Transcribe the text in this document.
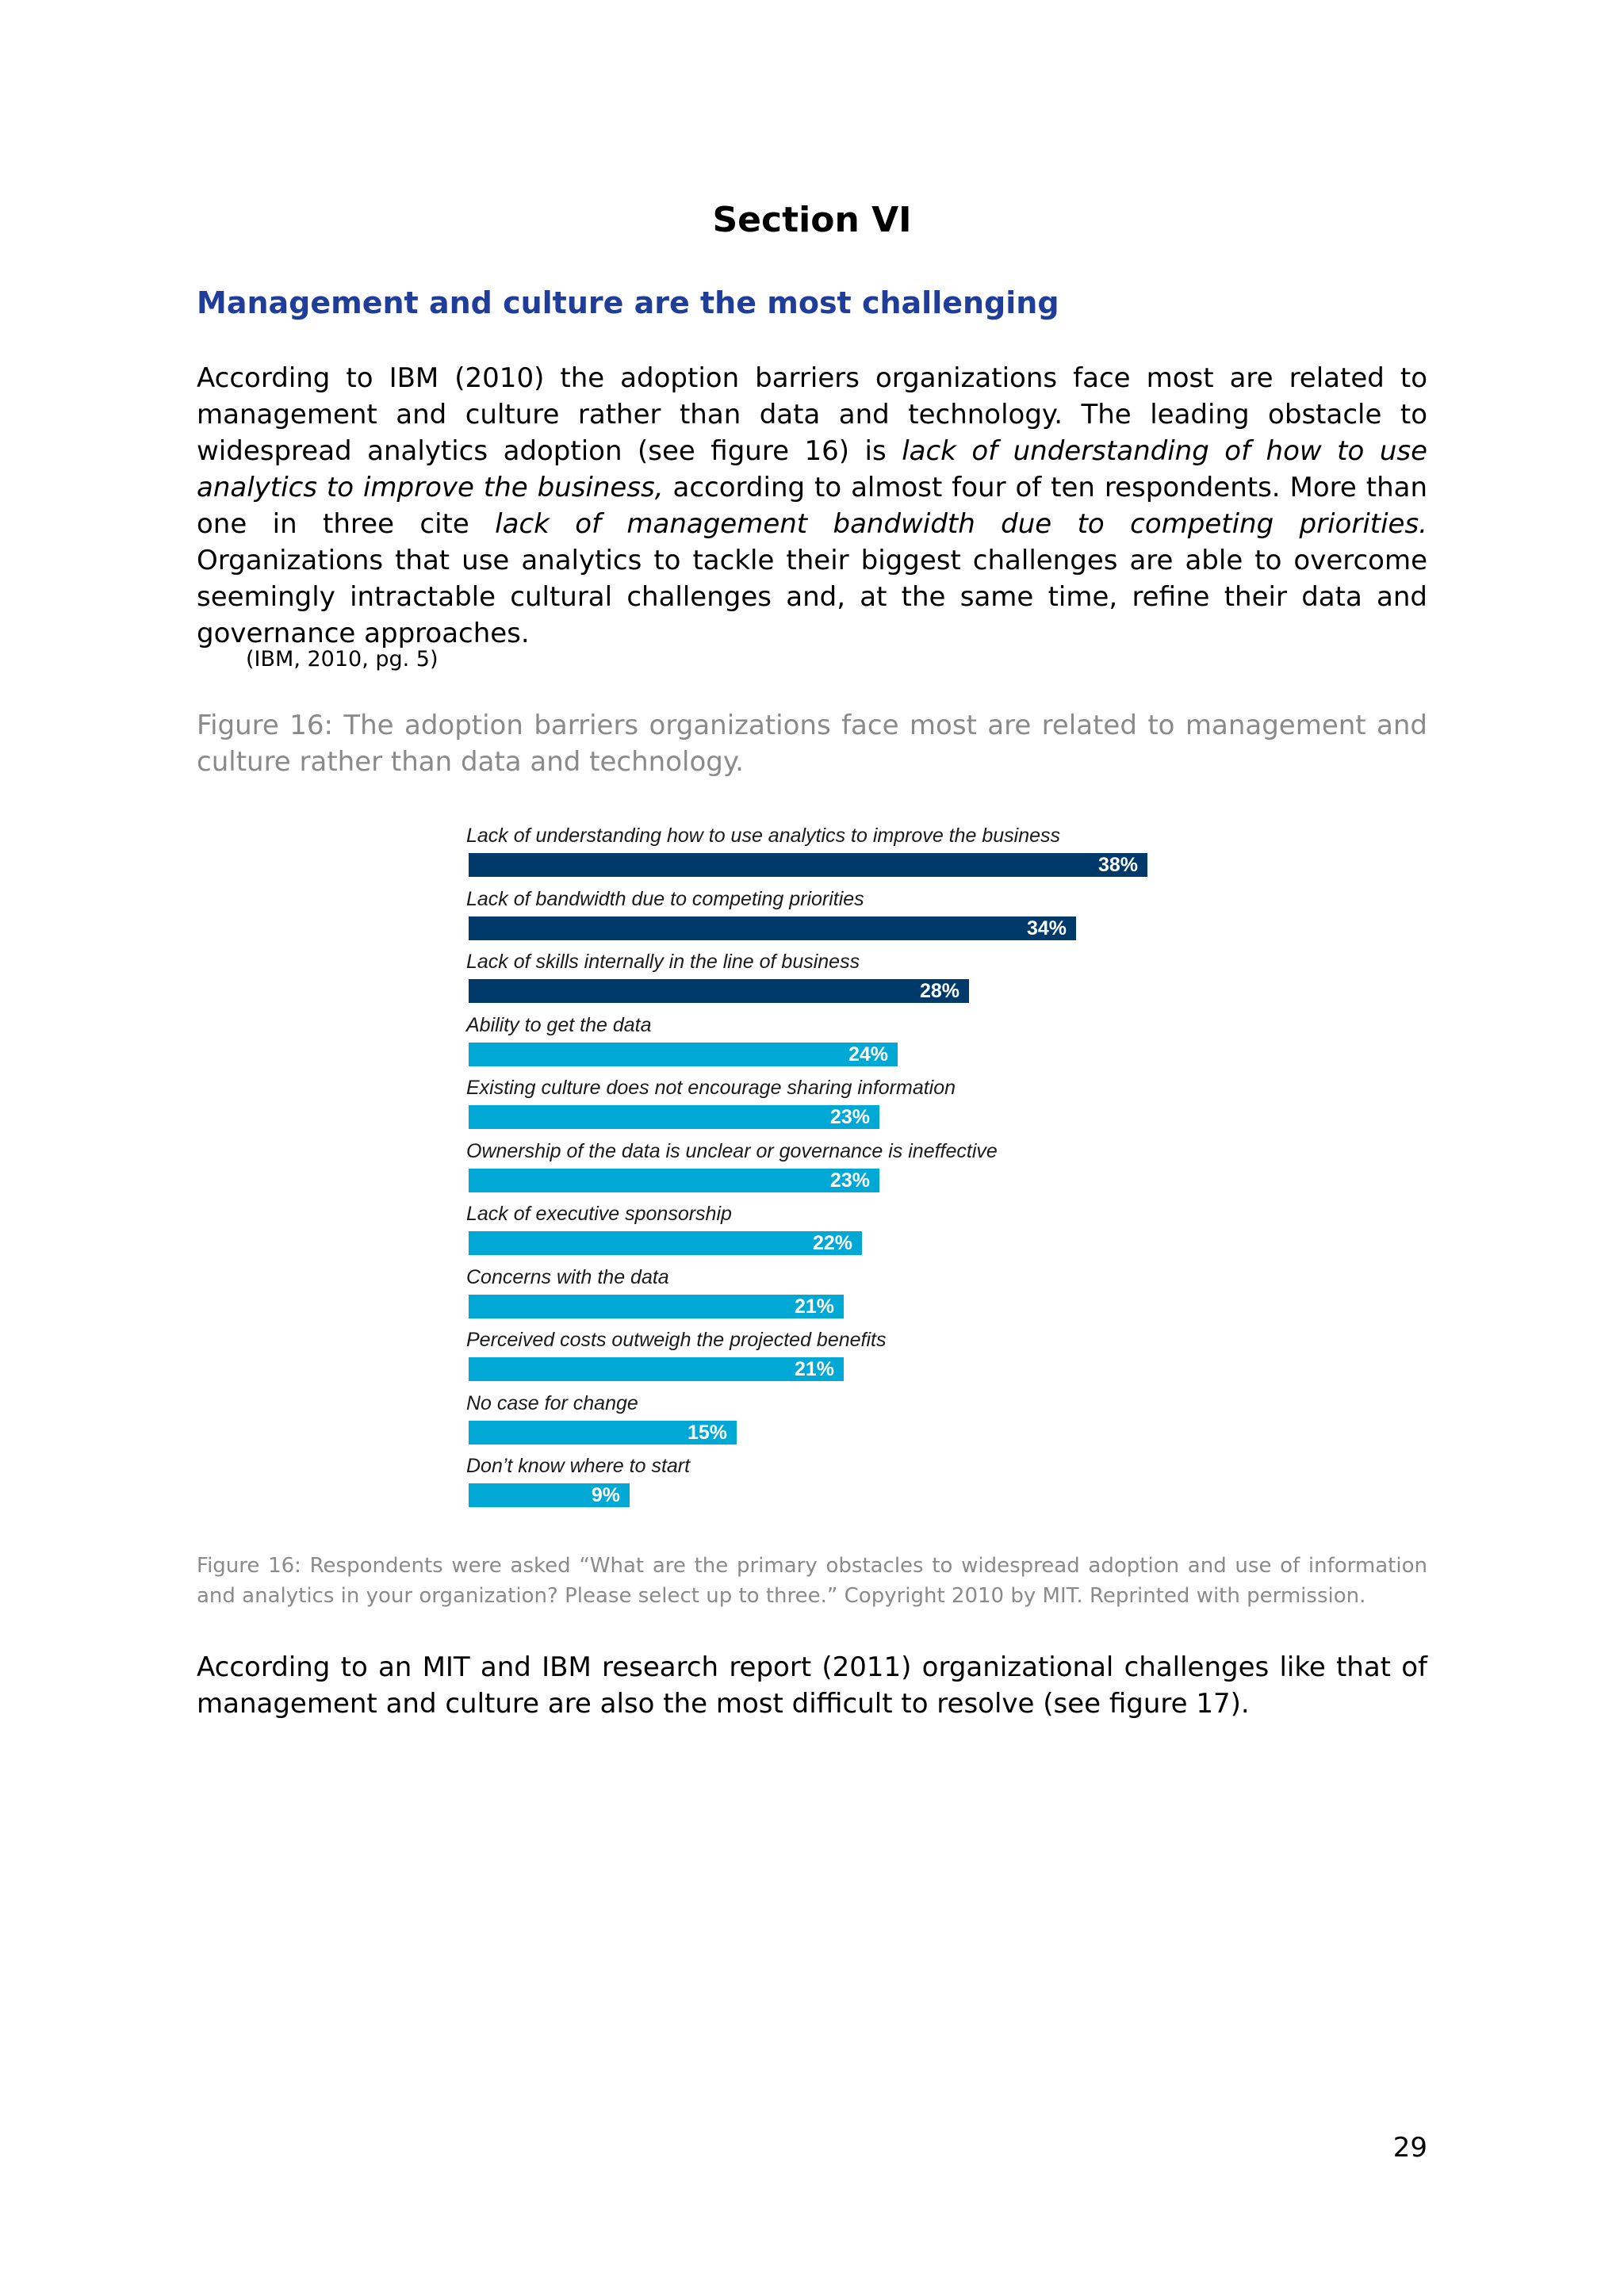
Section VI
Management and culture are the most challenging

According to IBM (2010) the adoption barriers organizations face most are related to management and culture rather than data and technology. The leading obstacle to widespread analytics adoption (see figure 16) is lack of understanding of how to use analytics to improve the business, according to almost four of ten respondents. More than one in three cite lack of management bandwidth due to competing priorities. Organizations that use analytics to tackle their biggest challenges are able to overcome seemingly intractable cultural challenges and, at the same time, refine their data and governance approaches.

(IBM, 2010, pg. 5)

Figure 16: The adoption barriers organizations face most are related to management and culture rather than data and technology.

Lack of understanding how to use analytics to improve the business
38%
Lack of bandwidth due to competing priorities
34%
Lack of skills internally in the line of business
28%
Ability to get the data
24%
Existing culture does not encourage sharing information
23%
Ownership of the data is unclear or governance is ineffective
23%
Lack of executive sponsorship
22%
Concerns with the data
21%
Perceived costs outweigh the projected benefits
21%
No case for change
15%
Don’t know where to start
9%

Figure 16: Respondents were asked “What are the primary obstacles to widespread adoption and use of information and analytics in your organization? Please select up to three.” Copyright 2010 by MIT. Reprinted with permission.

According to an MIT and IBM research report (2011) organizational challenges like that of management and culture are also the most difficult to resolve (see figure 17).

29
